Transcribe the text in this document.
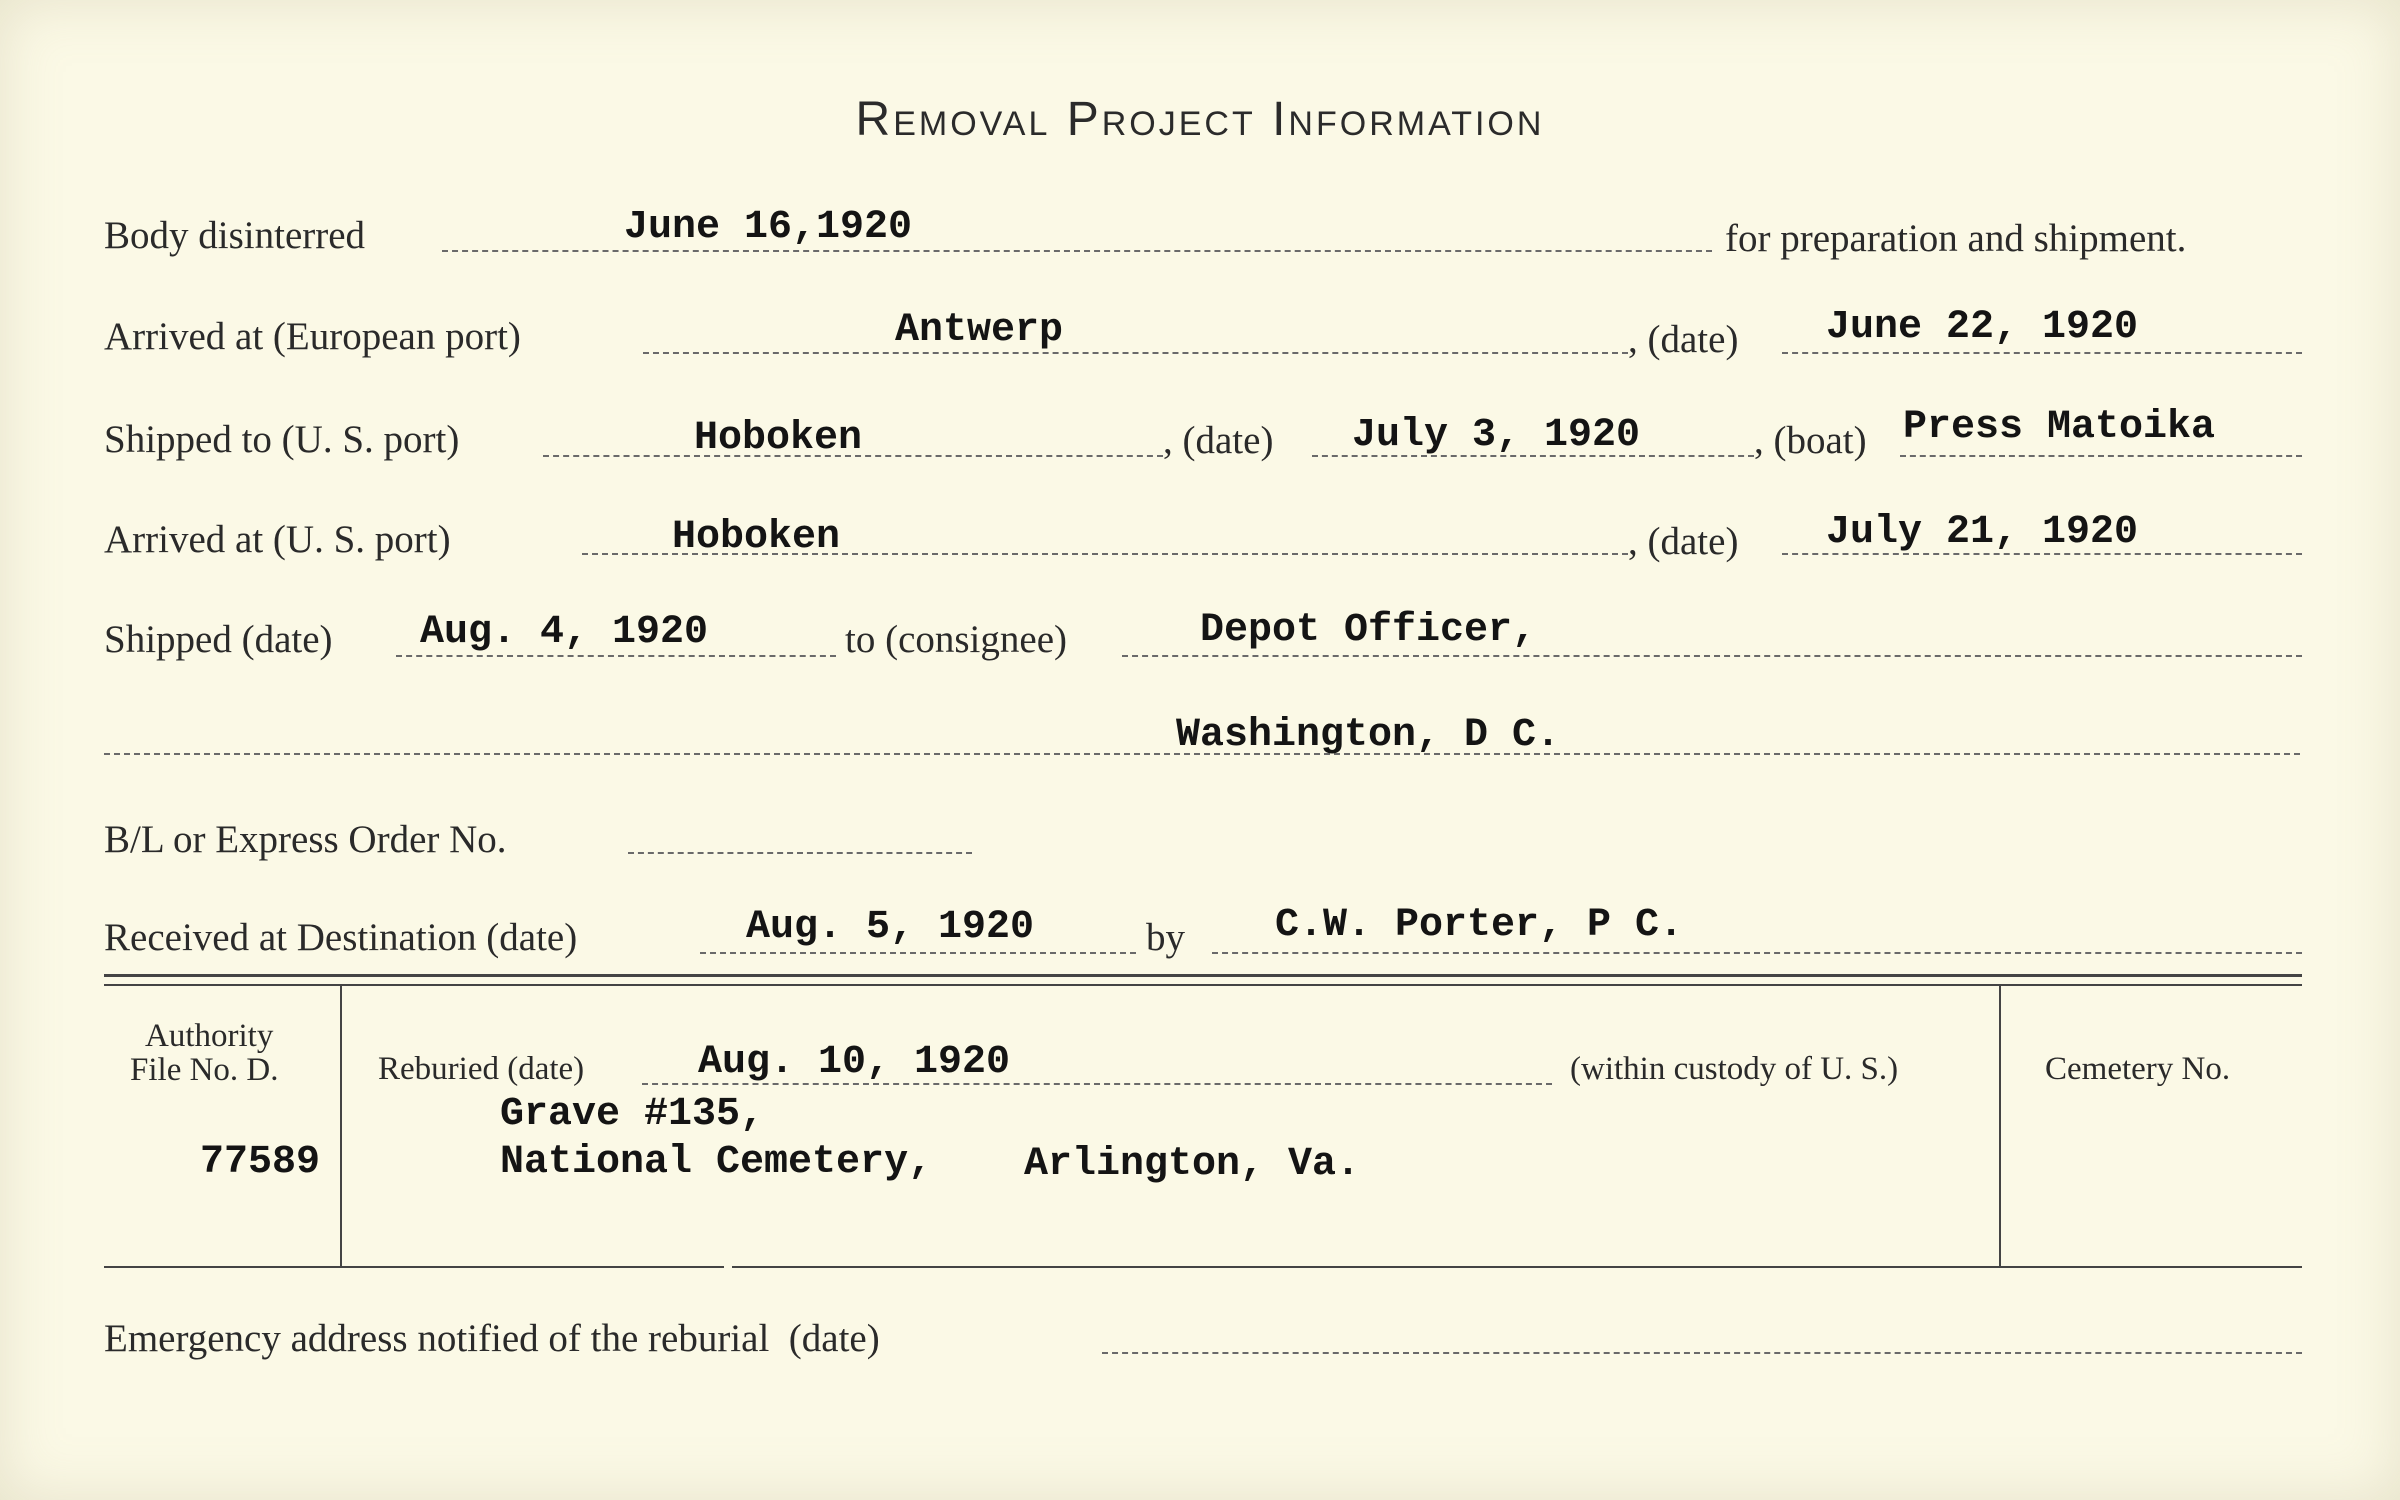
Removal Project Information
Body disinterred	June 16,1920	for preparation and shipment.
Arrived at (European port)	Antwerp	, (date) June 22, 1920
Shipped to (U. S. port)	Hoboken	, (date) July 3, 1920	, (boat) Press Matoika
Arrived at (U. S. port)	Hoboken	, (date) July 21, 1920
Shipped (date) Aug. 4, 1920	to (consignee)	Depot Officer,
Washington, D C.
B/L or Express Order No.
Received at Destination (date)	Aug. 5, 1920	by C.W. Porter, P C.
Authority
File No. D.
77589
Reburied (date)	Aug. 10, 1920	(within custody of U. S.)
Grave #135,
National Cemetery, Arlington, Va.
Cemetery No.
Emergency address notified of the reburial  (date)
